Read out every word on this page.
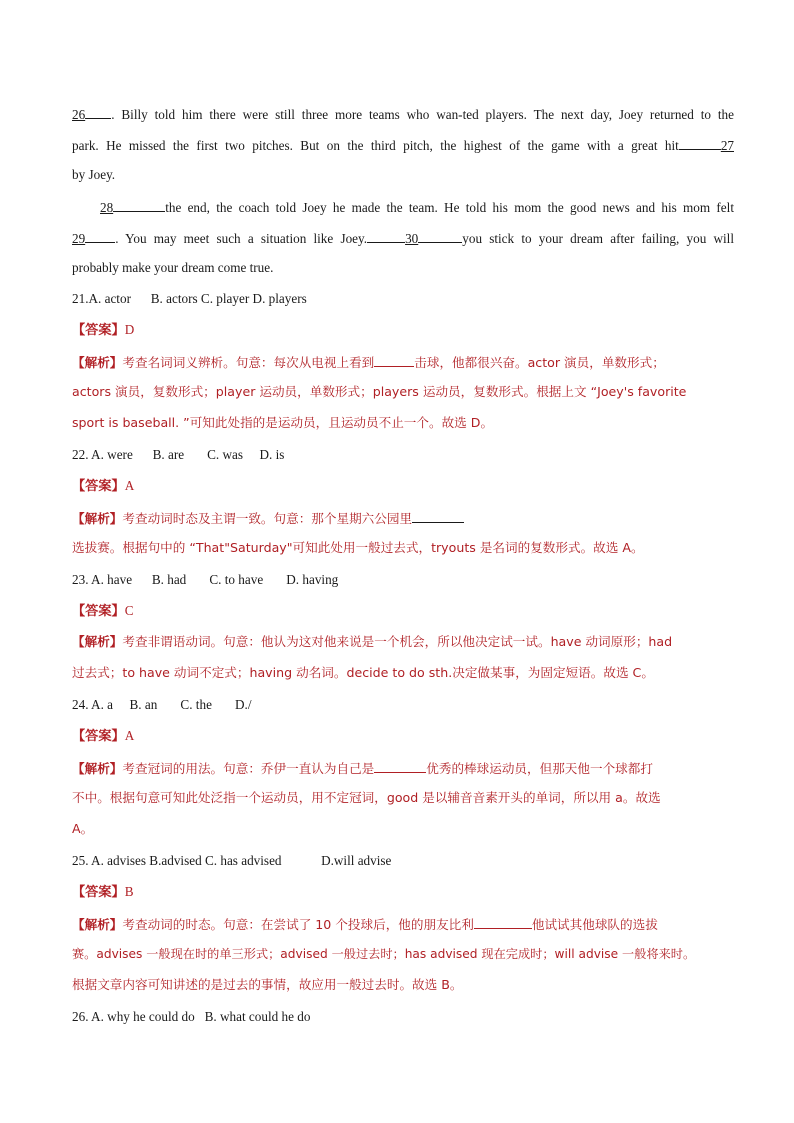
26 . Billy told him there were still three more teams who wan-ted players. The next day, Joey returned to the
park. He missed the first two pitches. But on the third pitch, the highest of the game with a great hit	27
by Joey.
28	the end, the coach told Joey he made the team. He told his mom the good news and his mom felt
29 . You may meet such a situation like Joey.	30	you stick to your dream after failing, you will
probably make your dream come true.
21.A. actor      B. actors C. player D. players
【答案】D
【解析】考查名词词义辨析。句意：每次从电视上看到	击球，他都很兴奋。actor 演员，单数形式；
actors 演员，复数形式；player 运动员，单数形式；players 运动员，复数形式。根据上文 “Joey's favorite
sport is baseball. ”可知此处指的是运动员，且运动员不止一个。故选 D。
22. A. were      B. are       C. was     D. is
【答案】A
【解析】考查动词时态及主谓一致。句意：那个星期六公园里
选拔赛。根据句中的 “That"Saturday"可知此处用一般过去式，tryouts 是名词的复数形式。故选 A。
23. A. have      B. had       C. to have       D. having
【答案】C
【解析】考查非谓语动词。句意：他认为这对他来说是一个机会，所以他决定试一试。have 动词原形；had
过去式；to have 动词不定式；having 动名词。decide to do sth.决定做某事，为固定短语。故选 C。
24. A. a     B. an       C. the       D./
【答案】A
【解析】考查冠词的用法。句意：乔伊一直认为自己是	优秀的棒球运动员，但那天他一个球都打
不中。根据句意可知此处泛指一个运动员，用不定冠词，good 是以辅音音素开头的单词，所以用 a。故选
A。
25. A. advises B.advised C. has advised            D.will advise
【答案】B
【解析】考查动词的时态。句意：在尝试了 10 个投球后，他的朋友比利	他试试其他球队的选拔
赛。advises 一般现在时的单三形式；advised 一般过去时；has advised 现在完成时；will advise 一般将来时。
根据文章内容可知讲述的是过去的事情，故应用一般过去时。故选 B。
26. A. why he could do   B. what could he do
